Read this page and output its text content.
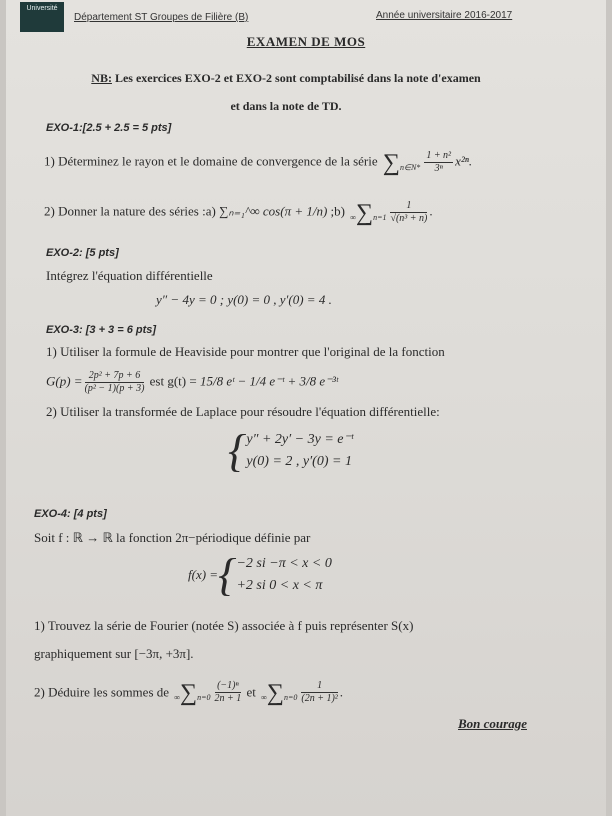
Université
Département ST Groupes de Filière (B)	Année universitaire 2016-2017
EXAMEN DE MOS
NB: Les exercices EXO-2 et EXO-2 sont comptabilisé dans la note d'examen
et dans la note de TD.
EXO-1:[2.5 + 2.5 = 5 pts]
1) Déterminez le rayon et le domaine de convergence de la série ∑n∈N* $\frac{\text{1 + n²}}{\text{3ⁿ}} x^{2n}$.
2) Donner la nature des séries :a) ∑ₙ₌₁^∞ cos(π + 1/n) ;b) $\infty\sum n=1 \frac{1}{\text{√(n³ + n)}}$ .
EXO-2: [5 pts]
Intégrez l'équation différentielle
y″ − 4y = 0 ; y(0) = 0 , y′(0) = 4 .
EXO-3: [3 + 3 = 6 pts]
1) Utiliser la formule de Heaviside pour montrer que l'original de la fonction
$G(p) = \frac{\text{2p² + 7p + 6}}{\text{(p² − 1)(p + 3)}}$ est g(t) = 15/8 eᵗ − 1/4 e⁻ᵗ + 3/8 e⁻³ᵗ
2) Utiliser la transformée de Laplace pour résoudre l'équation différentielle:
{ y″ + 2y′ − 3y = e⁻ᵗ
y(0) = 2 , y′(0) = 1
EXO-4: [4 pts]
Soit f : ℝ → ℝ la fonction 2π−périodique définie par
f(x) ={ −2 si −π < x < 0
+2 si 0 < x < π
1) Trouvez la série de Fourier (notée S) associée à f puis représenter S(x)
graphiquement sur [−3π, +3π].
2) Déduire les sommes de $\infty\sum n=0 \frac{\text{(−1)ⁿ}}{2n + 1}$ et $\infty\sum n=0 \frac{1}{\text{(2n + 1)²}}$ .
Bon courage
